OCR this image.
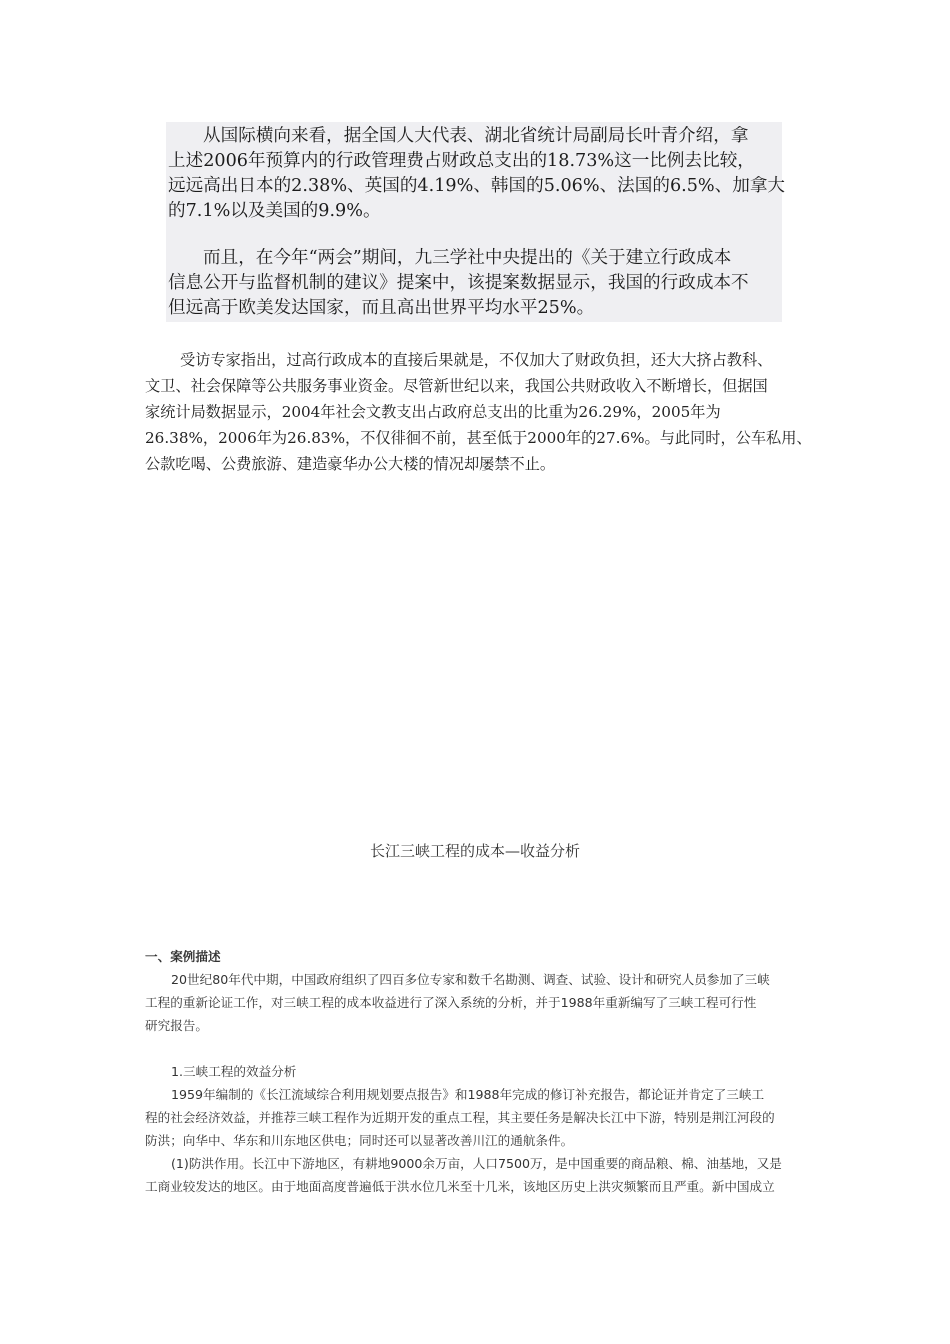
从国际横向来看，据全国人大代表、湖北省统计局副局长叶青介绍，拿
上述2006年预算内的行政管理费占财政总支出的18.73%这一比例去比较，
远远高出日本的2.38%、英国的4.19%、韩国的5.06%、法国的6.5%、加拿大
的7.1%以及美国的9.9%。

而且，在今年“两会”期间，九三学社中央提出的《关于建立行政成本
信息公开与监督机制的建议》提案中，该提案数据显示，我国的行政成本不
但远高于欧美发达国家，而且高出世界平均水平25%。

受访专家指出，过高行政成本的直接后果就是，不仅加大了财政负担，还大大挤占教科、
文卫、社会保障等公共服务事业资金。尽管新世纪以来，我国公共财政收入不断增长，但据国
家统计局数据显示，2004年社会文教支出占政府总支出的比重为26.29%，2005年为
26.38%，2006年为26.83%，不仅徘徊不前，甚至低于2000年的27.6%。与此同时，公车私用、
公款吃喝、公费旅游、建造豪华办公大楼的情况却屡禁不止。

长江三峡工程的成本—收益分析
一、案例描述
20世纪80年代中期，中国政府组织了四百多位专家和数千名勘测、调查、试验、设计和研究人员参加了三峡
工程的重新论证工作，对三峡工程的成本收益进行了深入系统的分析，并于1988年重新编写了三峡工程可行性
研究报告。
1.三峡工程的效益分析
1959年编制的《长江流域综合利用规划要点报告》和1988年完成的修订补充报告，都论证并肯定了三峡工
程的社会经济效益，并推荐三峡工程作为近期开发的重点工程，其主要任务是解决长江中下游，特别是荆江河段的
防洪；向华中、华东和川东地区供电；同时还可以显著改善川江的通航条件。
(1)防洪作用。长江中下游地区，有耕地9000余万亩，人口7500万，是中国重要的商品粮、棉、油基地，又是
工商业较发达的地区。由于地面高度普遍低于洪水位几米至十几米，该地区历史上洪灾频繁而且严重。新中国成立
